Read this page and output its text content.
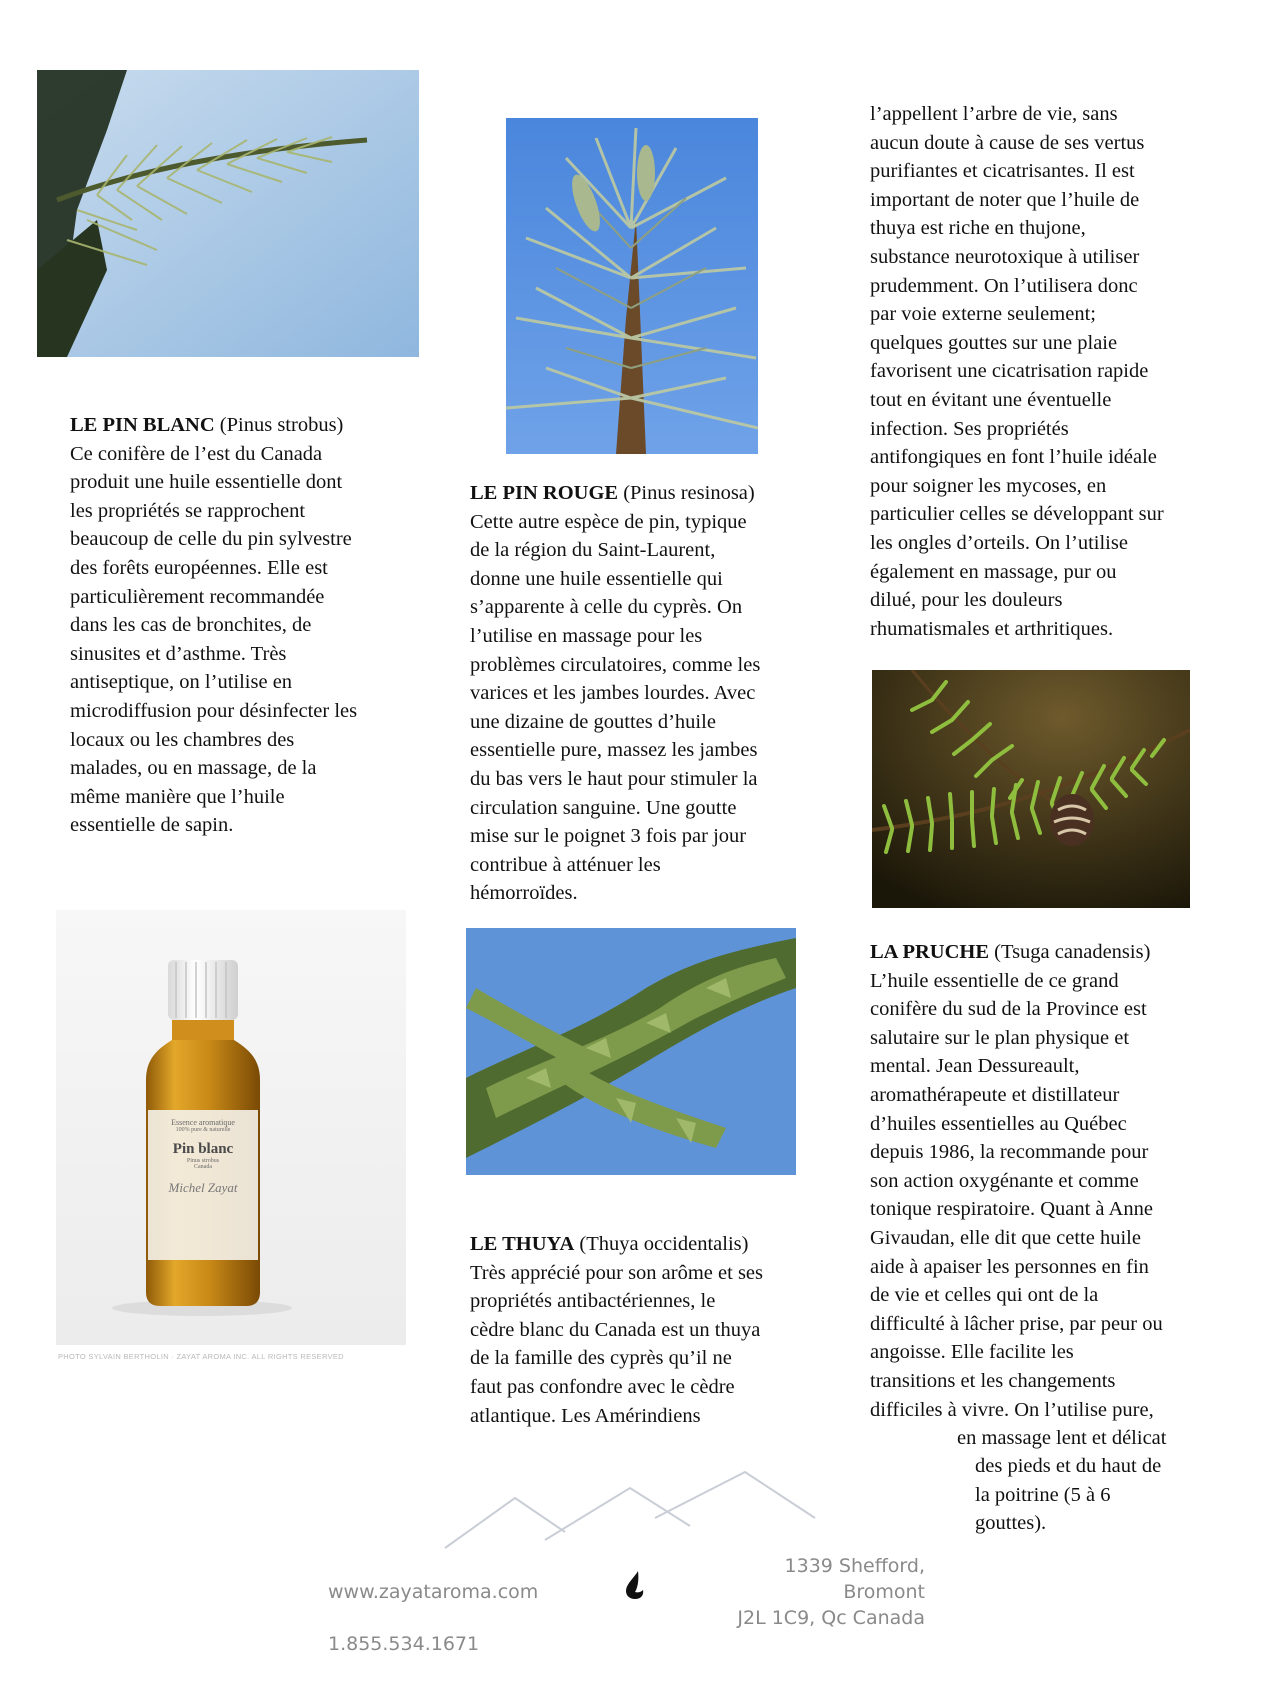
Essence aromatique
100% pure & naturelle
Pin blanc
Pinus strobus
Canada
Michel Zayat
PHOTO SYLVAIN BERTHOLIN · ZAYAT AROMA INC. ALL RIGHTS RESERVED
LE PIN BLANC (Pinus strobus)
Ce conifère de l’est du Canada
produit une huile essentielle dont
les propriétés se rapprochent
beaucoup de celle du pin sylvestre
des forêts européennes. Elle est
particulièrement recommandée
dans les cas de bronchites, de
sinusites et d’asthme. Très
antiseptique, on l’utilise en
microdiffusion pour désinfecter les
locaux ou les chambres des
malades, ou en massage, de la
même manière que l’huile
essentielle de sapin.
LE PIN ROUGE (Pinus resinosa)
Cette autre espèce de pin, typique
de la région du Saint-Laurent,
donne une huile essentielle qui
s’apparente à celle du cyprès. On
l’utilise en massage pour les
problèmes circulatoires, comme les
varices et les jambes lourdes. Avec
une dizaine de gouttes d’huile
essentielle pure, massez les jambes
du bas vers le haut pour stimuler la
circulation sanguine. Une goutte
mise sur le poignet 3 fois par jour
contribue à atténuer les
hémorroïdes.
LE THUYA (Thuya occidentalis)
Très apprécié pour son arôme et ses
propriétés antibactériennes, le
cèdre blanc du Canada est un thuya
de la famille des cyprès qu’il ne
faut pas confondre avec le cèdre
atlantique. Les Amérindiens
l’appellent l’arbre de vie, sans
aucun doute à cause de ses vertus
purifiantes et cicatrisantes. Il est
important de noter que l’huile de
thuya est riche en thujone,
substance neurotoxique à utiliser
prudemment. On l’utilisera donc
par voie externe seulement;
quelques gouttes sur une plaie
favorisent une cicatrisation rapide
tout en évitant une éventuelle
infection. Ses propriétés
antifongiques en font l’huile idéale
pour soigner les mycoses, en
particulier celles se développant sur
les ongles d’orteils. On l’utilise
également en massage, pur ou
dilué, pour les douleurs
rhumatismales et arthritiques.
LA PRUCHE (Tsuga canadensis)
L’huile essentielle de ce grand
conifère du sud de la Province est
salutaire sur le plan physique et
mental. Jean Dessureault,
aromathérapeute et distillateur
d’huiles essentielles au Québec
depuis 1986, la recommande pour
son action oxygénante et comme
tonique respiratoire. Quant à Anne
Givaudan, elle dit que cette huile
aide à apaiser les personnes en fin
de vie et celles qui ont de la
difficulté à lâcher prise, par peur ou
angoisse. Elle facilite les
transitions et les changements
difficiles à vivre. On l’utilise pure,
en massage lent et délicat
des pieds et du haut de
la poitrine (5 à 6
gouttes).

www.zayataroma.com

1.855.534.1671

1339 Shefford, Bromont
J2L 1C9, Qc Canada
